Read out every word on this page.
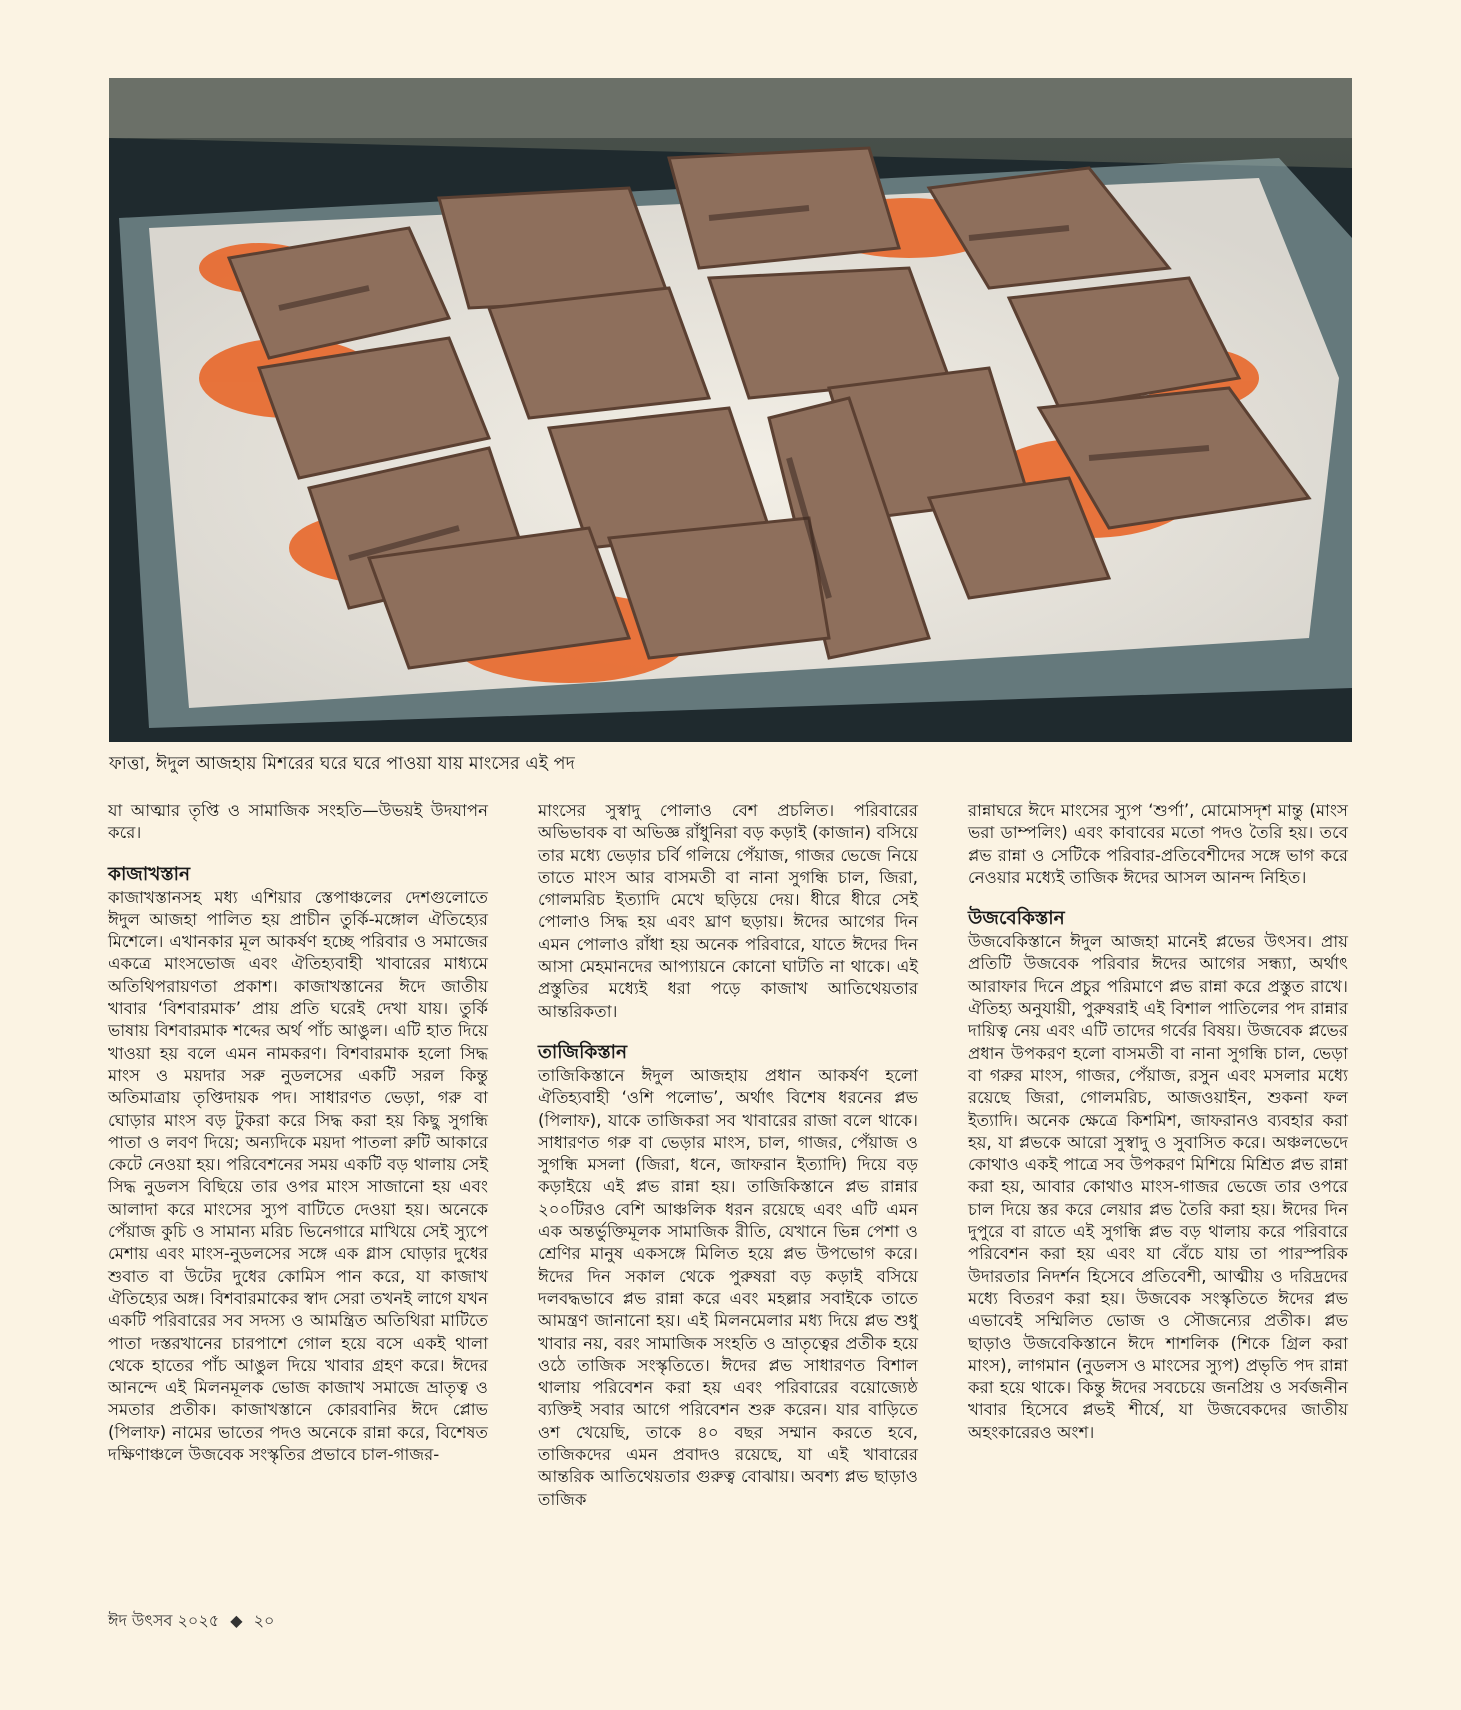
ফাত্তা, ঈদুল আজহায় মিশরের ঘরে ঘরে পাওয়া যায় মাংসের এই পদ

যা আত্মার তৃপ্তি ও সামাজিক সংহতি—উভয়ই উদযাপন করে।

কাজাখস্তান

কাজাখস্তানসহ মধ্য এশিয়ার স্তেপাঞ্চলের দেশগুলোতে ঈদুল আজহা পালিত হয় প্রাচীন তুর্কি-মঙ্গোল ঐতিহ্যের মিশেলে। এখানকার মূল আকর্ষণ হচ্ছে পরিবার ও সমাজের একত্রে মাংসভোজ এবং ঐতিহ্যবাহী খাবারের মাধ্যমে অতিথিপরায়ণতা প্রকাশ। কাজাখস্তানের ঈদে জাতীয় খাবার ‘বিশবারমাক’ প্রায় প্রতি ঘরেই দেখা যায়। তুর্কি ভাষায় বিশবারমাক শব্দের অর্থ পাঁচ আঙুল। এটি হাত দিয়ে খাওয়া হয় বলে এমন নামকরণ। বিশবারমাক হলো সিদ্ধ মাংস ও ময়দার সরু নুডলসের একটি সরল কিন্তু অতিমাত্রায় তৃপ্তিদায়ক পদ। সাধারণত ভেড়া, গরু বা ঘোড়ার মাংস বড় টুকরা করে সিদ্ধ করা হয় কিছু সুগন্ধি পাতা ও লবণ দিয়ে; অন্যদিকে ময়দা পাতলা রুটি আকারে কেটে নেওয়া হয়। পরিবেশনের সময় একটি বড় থালায় সেই সিদ্ধ নুডলস বিছিয়ে তার ওপর মাংস সাজানো হয় এবং আলাদা করে মাংসের স্যুপ বাটিতে দেওয়া হয়। অনেকে পেঁয়াজ কুচি ও সামান্য মরিচ ভিনেগারে মাখিয়ে সেই স্যুপে মেশায় এবং মাংস-নুডলসের সঙ্গে এক গ্লাস ঘোড়ার দুধের শুবাত বা উটের দুধের কোমিস পান করে, যা কাজাখ ঐতিহ্যের অঙ্গ। বিশবারমাকের স্বাদ সেরা তখনই লাগে যখন একটি পরিবারের সব সদস্য ও আমন্ত্রিত অতিথিরা মাটিতে পাতা দস্তরখানের চারপাশে গোল হয়ে বসে একই থালা থেকে হাতের পাঁচ আঙুল দিয়ে খাবার গ্রহণ করে। ঈদের আনন্দে এই মিলনমূলক ভোজ কাজাখ সমাজে ভ্রাতৃত্ব ও সমতার প্রতীক। কাজাখস্তানে কোরবানির ঈদে প্লোভ (পিলাফ) নামের ভাতের পদও অনেকে রান্না করে, বিশেষত দক্ষিণাঞ্চলে উজবেক সংস্কৃতির প্রভাবে চাল-গাজর-

মাংসের সুস্বাদু পোলাও বেশ প্রচলিত। পরিবারের অভিভাবক বা অভিজ্ঞ রাঁধুনিরা বড় কড়াই (কাজান) বসিয়ে তার মধ্যে ভেড়ার চর্বি গলিয়ে পেঁয়াজ, গাজর ভেজে নিয়ে তাতে মাংস আর বাসমতী বা নানা সুগন্ধি চাল, জিরা, গোলমরিচ ইত্যাদি মেখে ছড়িয়ে দেয়। ধীরে ধীরে সেই পোলাও সিদ্ধ হয় এবং ঘ্রাণ ছড়ায়। ঈদের আগের দিন এমন পোলাও রাঁধা হয় অনেক পরিবারে, যাতে ঈদের দিন আসা মেহমানদের আপ্যায়নে কোনো ঘাটতি না থাকে। এই প্রস্তুতির মধ্যেই ধরা পড়ে কাজাখ আতিথেয়তার আন্তরিকতা।

তাজিকিস্তান

তাজিকিস্তানে ঈদুল আজহায় প্রধান আকর্ষণ হলো ঐতিহ্যবাহী ‘ওশি পলোভ’, অর্থাৎ বিশেষ ধরনের প্লভ (পিলাফ), যাকে তাজিকরা সব খাবারের রাজা বলে থাকে। সাধারণত গরু বা ভেড়ার মাংস, চাল, গাজর, পেঁয়াজ ও সুগন্ধি মসলা (জিরা, ধনে, জাফরান ইত্যাদি) দিয়ে বড় কড়াইয়ে এই প্লভ রান্না হয়। তাজিকিস্তানে প্লভ রান্নার ২০০টিরও বেশি আঞ্চলিক ধরন রয়েছে এবং এটি এমন এক অন্তর্ভুক্তিমূলক সামাজিক রীতি, যেখানে ভিন্ন পেশা ও শ্রেণির মানুষ একসঙ্গে মিলিত হয়ে প্লভ উপভোগ করে। ঈদের দিন সকাল থেকে পুরুষরা বড় কড়াই বসিয়ে দলবদ্ধভাবে প্লভ রান্না করে এবং মহল্লার সবাইকে তাতে আমন্ত্রণ জানানো হয়। এই মিলনমেলার মধ্য দিয়ে প্লভ শুধু খাবার নয়, বরং সামাজিক সংহতি ও ভ্রাতৃত্বের প্রতীক হয়ে ওঠে তাজিক সংস্কৃতিতে। ঈদের প্লভ সাধারণত বিশাল থালায় পরিবেশন করা হয় এবং পরিবারের বয়োজ্যেষ্ঠ ব্যক্তিই সবার আগে পরিবেশন শুরু করেন। যার বাড়িতে ওশ খেয়েছি, তাকে ৪০ বছর সম্মান করতে হবে, তাজিকদের এমন প্রবাদও রয়েছে, যা এই খাবারের আন্তরিক আতিথেয়তার গুরুত্ব বোঝায়। অবশ্য প্লভ ছাড়াও তাজিক

রান্নাঘরে ঈদে মাংসের স্যুপ ‘শুর্পা’, মোমোসদৃশ মান্তু (মাংস ভরা ডাম্পলিং) এবং কাবাবের মতো পদও তৈরি হয়। তবে প্লভ রান্না ও সেটিকে পরিবার-প্রতিবেশীদের সঙ্গে ভাগ করে নেওয়ার মধ্যেই তাজিক ঈদের আসল আনন্দ নিহিত।

উজবেকিস্তান

উজবেকিস্তানে ঈদুল আজহা মানেই প্লভের উৎসব। প্রায় প্রতিটি উজবেক পরিবার ঈদের আগের সন্ধ্যা, অর্থাৎ আরাফার দিনে প্রচুর পরিমাণে প্লভ রান্না করে প্রস্তুত রাখে। ঐতিহ্য অনুযায়ী, পুরুষরাই এই বিশাল পাতিলের পদ রান্নার দায়িত্ব নেয় এবং এটি তাদের গর্বের বিষয়। উজবেক প্লভের প্রধান উপকরণ হলো বাসমতী বা নানা সুগন্ধি চাল, ভেড়া বা গরুর মাংস, গাজর, পেঁয়াজ, রসুন এবং মসলার মধ্যে রয়েছে জিরা, গোলমরিচ, আজওয়াইন, শুকনা ফল ইত্যাদি। অনেক ক্ষেত্রে কিশমিশ, জাফরানও ব্যবহার করা হয়, যা প্লভকে আরো সুস্বাদু ও সুবাসিত করে। অঞ্চলভেদে কোথাও একই পাত্রে সব উপকরণ মিশিয়ে মিশ্রিত প্লভ রান্না করা হয়, আবার কোথাও মাংস-গাজর ভেজে তার ওপরে চাল দিয়ে স্তর করে লেয়ার প্লভ তৈরি করা হয়। ঈদের দিন দুপুরে বা রাতে এই সুগন্ধি প্লভ বড় থালায় করে পরিবারে পরিবেশন করা হয় এবং যা বেঁচে যায় তা পারস্পরিক উদারতার নিদর্শন হিসেবে প্রতিবেশী, আত্মীয় ও দরিদ্রদের মধ্যে বিতরণ করা হয়। উজবেক সংস্কৃতিতে ঈদের প্লভ এভাবেই সম্মিলিত ভোজ ও সৌজন্যের প্রতীক। প্লভ ছাড়াও উজবেকিস্তানে ঈদে শাশলিক (শিকে গ্রিল করা মাংস), লাগমান (নুডলস ও মাংসের স্যুপ) প্রভৃতি পদ রান্না করা হয়ে থাকে। কিন্তু ঈদের সবচেয়ে জনপ্রিয় ও সর্বজনীন খাবার হিসেবে প্লভই শীর্ষে, যা উজবেকদের জাতীয় অহংকারেরও অংশ।

ঈদ উৎসব ২০২৫ ◆ ২০
